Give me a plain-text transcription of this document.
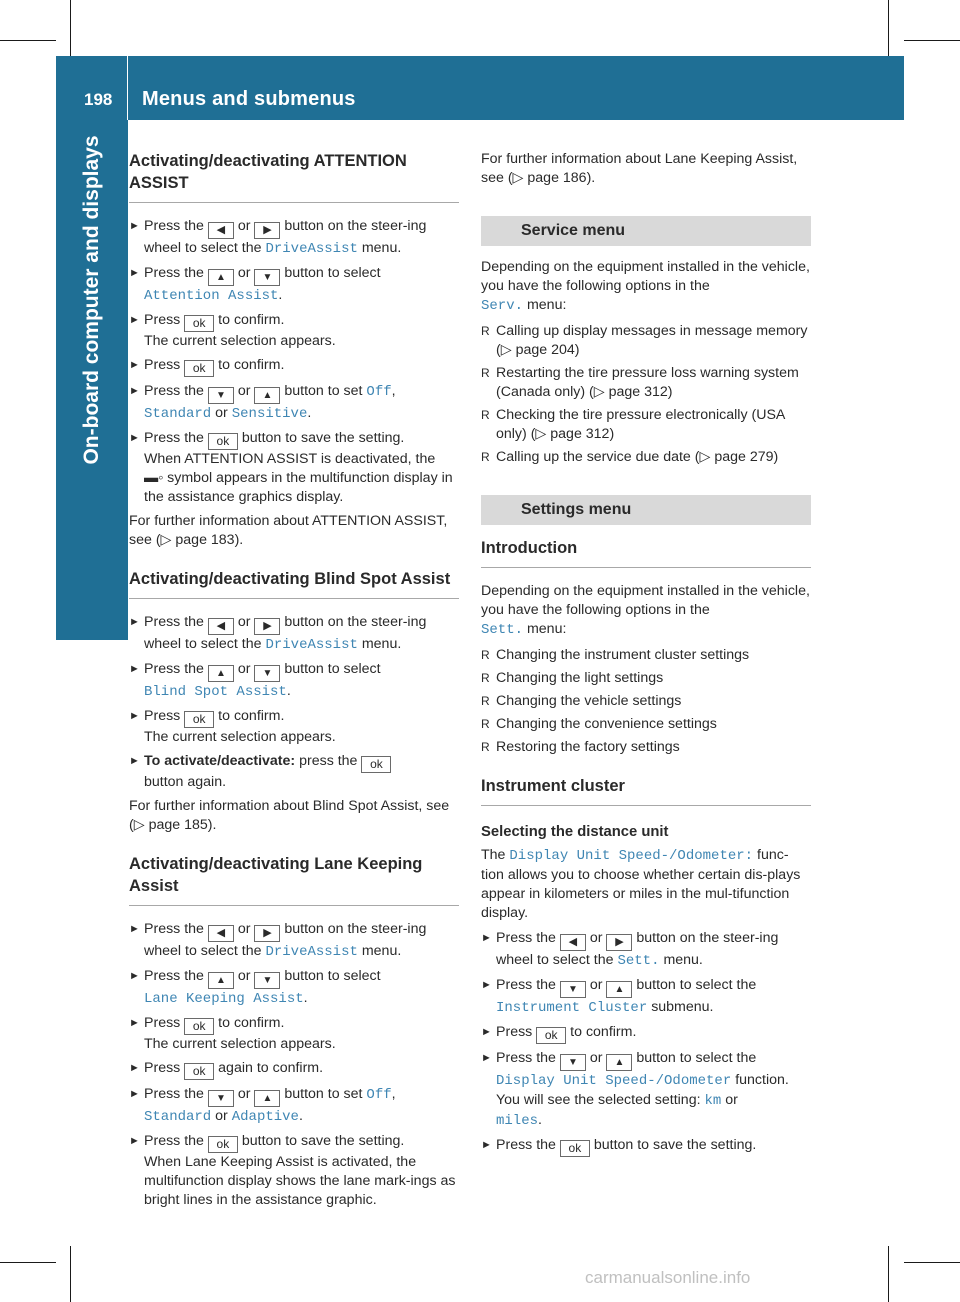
198 Menus and submenus
On-board computer and displays Activating/deactivating ATTENTION ASSIST
► Press the ◀ or ▶ button on the steer-ing wheel to select the DriveAssist menu.
► Press the ▲ or ▼ button to select
Attention Assist.
► Press ok to confirm.
The current selection appears.
► Press ok to confirm.
► Press the ▼ or ▲ button to set Off,
Standard or Sensitive.
► Press the ok button to save the setting.
When ATTENTION ASSIST is deactivated, the
▬◦ symbol appears in the multifunction display in the assistance graphics display.
For further information about ATTENTION ASSIST, see (▷ page 183).
Activating/deactivating Blind Spot Assist
► Press the ◀ or ▶ button on the steer-ing wheel to select the DriveAssist menu.
► Press the ▲ or ▼ button to select
Blind Spot Assist.
► Press ok to confirm.
The current selection appears.
► To activate/deactivate: press the ok
button again.
For further information about Blind Spot Assist, see (▷ page 185).
Activating/deactivating Lane Keeping Assist
► Press the ◀ or ▶ button on the steer-ing wheel to select the DriveAssist menu.
► Press the ▲ or ▼ button to select
Lane Keeping Assist.
► Press ok to confirm.
The current selection appears.
► Press ok again to confirm.
► Press the ▼ or ▲ button to set Off,
Standard or Adaptive.
► Press the ok button to save the setting.
When Lane Keeping Assist is activated, the multifunction display shows the lane mark-ings as bright lines in the assistance graphic.
For further information about Lane Keeping Assist, see (▷ page 186).
Service menu
Depending on the equipment installed in the vehicle, you have the following options in the
Serv. menu:
R Calling up display messages in message memory (▷ page 204)
R Restarting the tire pressure loss warning system (Canada only) (▷ page 312)
R Checking the tire pressure electronically (USA only) (▷ page 312)
R Calling up the service due date (▷ page 279)
Settings menu
Introduction
Depending on the equipment installed in the vehicle, you have the following options in the
Sett. menu:
R Changing the instrument cluster settings
R Changing the light settings
R Changing the vehicle settings
R Changing the convenience settings
R Restoring the factory settings
Instrument cluster
Selecting the distance unit
The Display Unit Speed-/Odometer: func-tion allows you to choose whether certain dis-plays appear in kilometers or miles in the mul-tifunction display.
► Press the ◀ or ▶ button on the steer-ing wheel to select the Sett. menu.
► Press the ▼ or ▲ button to select the
Instrument Cluster submenu.
► Press ok to confirm.
► Press the ▼ or ▲ button to select the
Display Unit Speed-/Odometer function.
You will see the selected setting: km or
miles.
► Press the ok button to save the setting.
carmanualsonline.info
